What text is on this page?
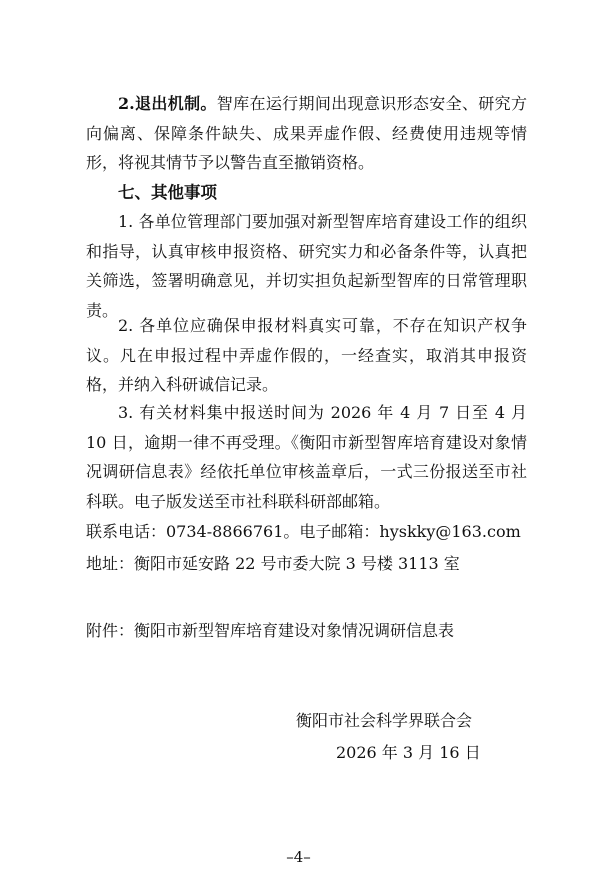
2.退出机制。智库在运行期间出现意识形态安全、研究方向偏离、保障条件缺失、成果弄虚作假、经费使用违规等情形，将视其情节予以警告直至撤销资格。

七、其他事项

1. 各单位管理部门要加强对新型智库培育建设工作的组织和指导，认真审核申报资格、研究实力和必备条件等，认真把关筛选，签署明确意见，并切实担负起新型智库的日常管理职责。

2. 各单位应确保申报材料真实可靠，不存在知识产权争议。凡在申报过程中弄虚作假的，一经查实，取消其申报资格，并纳入科研诚信记录。

3. 有关材料集中报送时间为 2026 年 4 月 7 日至 4 月 10 日，逾期一律不再受理。《衡阳市新型智库培育建设对象情况调研信息表》经依托单位审核盖章后，一式三份报送至市社科联。电子版发送至市社科联科研部邮箱。

联系电话：0734-8866761。电子邮箱：hyskky@163.com

地址：衡阳市延安路 22 号市委大院 3 号楼 3113 室

附件：衡阳市新型智库培育建设对象情况调研信息表

衡阳市社会科学界联合会

2026 年 3 月 16 日

–4–
